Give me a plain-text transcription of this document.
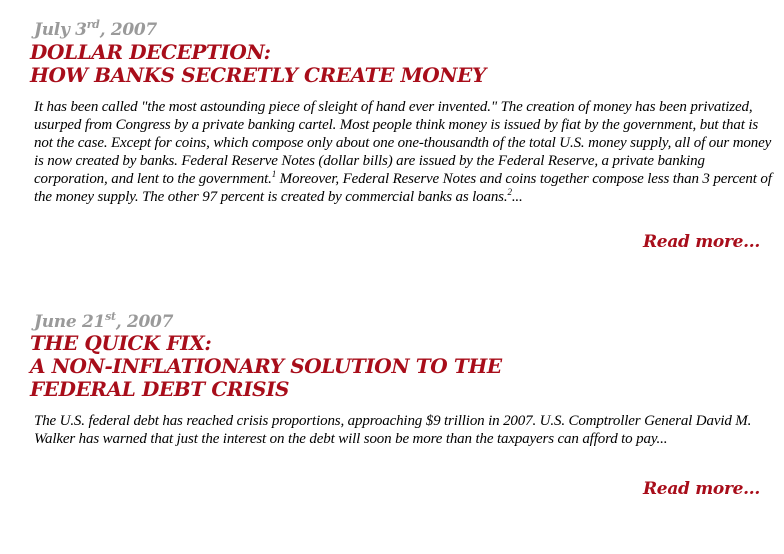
July 3rd, 2007
DOLLAR DECEPTION:
HOW BANKS SECRETLY CREATE MONEY
It has been called "the most astounding piece of sleight of hand ever invented." The creation of money has been privatized, usurped from Congress by a private banking cartel. Most people think money is issued by fiat by the government, but that is not the case. Except for coins, which compose only about one one-thousandth of the total U.S. money supply, all of our money is now created by banks. Federal Reserve Notes (dollar bills) are issued by the Federal Reserve, a private banking corporation, and lent to the government.$^1$ Moreover, Federal Reserve Notes and coins together compose less than 3 percent of the money supply. The other 97 percent is created by commercial banks as loans.$^2$...
Read more...
June 21st, 2007
THE QUICK FIX:
A NON-INFLATIONARY SOLUTION TO THE
FEDERAL DEBT CRISIS
The U.S. federal debt has reached crisis proportions, approaching $9 trillion in 2007. U.S. Comptroller General David M. Walker has warned that just the interest on the debt will soon be more than the taxpayers can afford to pay...
Read more...
